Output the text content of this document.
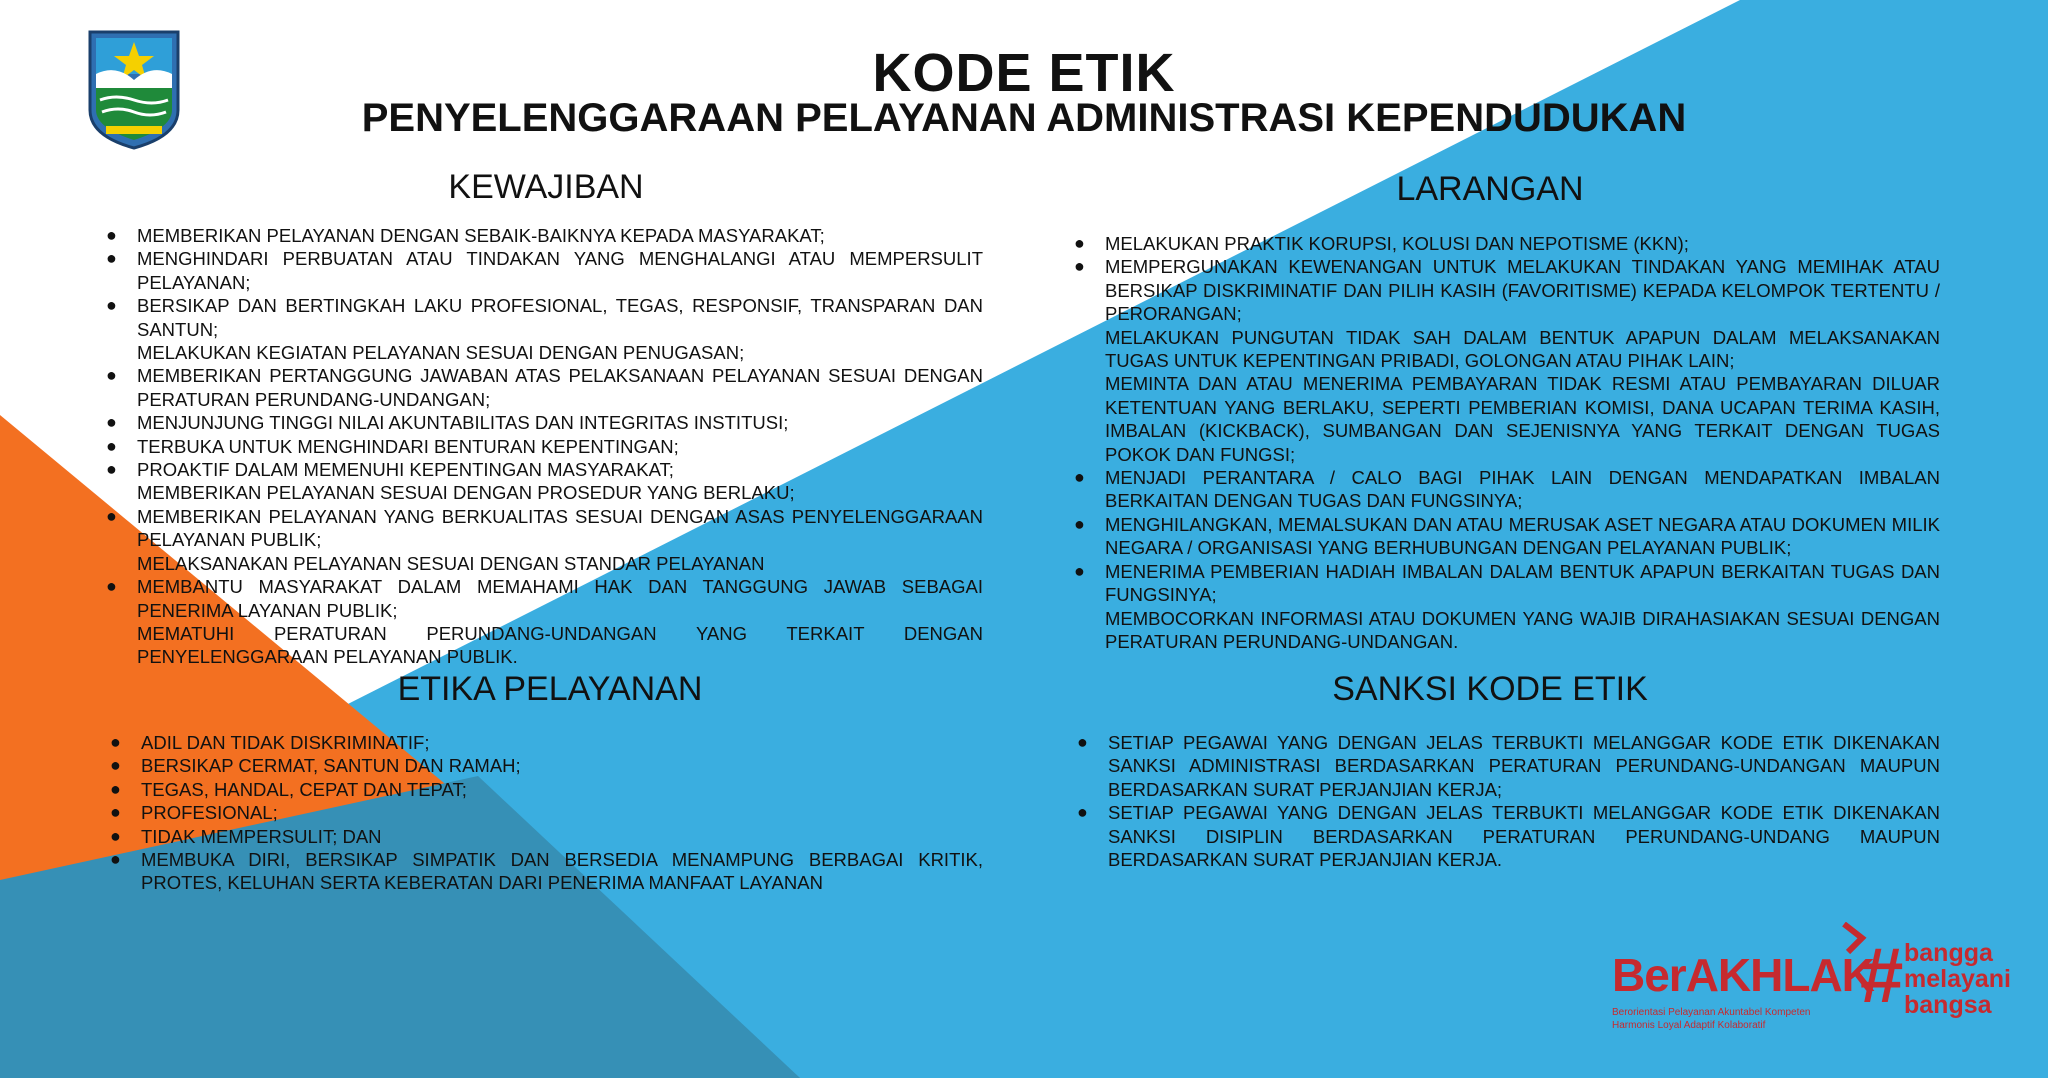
KODE ETIK
PENYELENGGARAAN PELAYANAN ADMINISTRASI KEPENDUDUKAN
KEWAJIBAN
● MEMBERIKAN PELAYANAN DENGAN SEBAIK-BAIKNYA KEPADA MASYARAKAT;
● MENGHINDARI PERBUATAN ATAU TINDAKAN YANG MENGHALANGI ATAU MEMPERSULIT PELAYANAN;
● BERSIKAP DAN BERTINGKAH LAKU PROFESIONAL, TEGAS, RESPONSIF, TRANSPARAN DAN SANTUN;
MELAKUKAN KEGIATAN PELAYANAN SESUAI DENGAN PENUGASAN;
● MEMBERIKAN PERTANGGUNG JAWABAN ATAS PELAKSANAAN PELAYANAN SESUAI DENGAN PERATURAN PERUNDANG-UNDANGAN;
● MENJUNJUNG TINGGI NILAI AKUNTABILITAS DAN INTEGRITAS INSTITUSI;
● TERBUKA UNTUK MENGHINDARI BENTURAN KEPENTINGAN;
● PROAKTIF DALAM MEMENUHI KEPENTINGAN MASYARAKAT;
MEMBERIKAN PELAYANAN SESUAI DENGAN PROSEDUR YANG BERLAKU;
● MEMBERIKAN PELAYANAN YANG BERKUALITAS SESUAI DENGAN ASAS PENYELENGGARAAN PELAYANAN PUBLIK;
MELAKSANAKAN PELAYANAN SESUAI DENGAN STANDAR PELAYANAN
● MEMBANTU MASYARAKAT DALAM MEMAHAMI HAK DAN TANGGUNG JAWAB SEBAGAI PENERIMA LAYANAN PUBLIK;
MEMATUHI PERATURAN PERUNDANG-UNDANGAN YANG TERKAIT DENGAN PENYELENGGARAAN PELAYANAN PUBLIK.
LARANGAN
● MELAKUKAN PRAKTIK KORUPSI, KOLUSI DAN NEPOTISME (KKN);
● MEMPERGUNAKAN KEWENANGAN UNTUK MELAKUKAN TINDAKAN YANG MEMIHAK ATAU BERSIKAP DISKRIMINATIF DAN PILIH KASIH (FAVORITISME) KEPADA KELOMPOK TERTENTU / PERORANGAN;
MELAKUKAN PUNGUTAN TIDAK SAH DALAM BENTUK APAPUN DALAM MELAKSANAKAN TUGAS UNTUK KEPENTINGAN PRIBADI, GOLONGAN ATAU PIHAK LAIN;
MEMINTA DAN ATAU MENERIMA PEMBAYARAN TIDAK RESMI ATAU PEMBAYARAN DILUAR KETENTUAN YANG BERLAKU, SEPERTI PEMBERIAN KOMISI, DANA UCAPAN TERIMA KASIH, IMBALAN (KICKBACK), SUMBANGAN DAN SEJENISNYA YANG TERKAIT DENGAN TUGAS POKOK DAN FUNGSI;
● MENJADI PERANTARA / CALO BAGI PIHAK LAIN DENGAN MENDAPATKAN IMBALAN BERKAITAN DENGAN TUGAS DAN FUNGSINYA;
● MENGHILANGKAN, MEMALSUKAN DAN ATAU MERUSAK ASET NEGARA ATAU DOKUMEN MILIK NEGARA / ORGANISASI YANG BERHUBUNGAN DENGAN PELAYANAN PUBLIK;
● MENERIMA PEMBERIAN HADIAH IMBALAN DALAM BENTUK APAPUN BERKAITAN TUGAS DAN FUNGSINYA;
MEMBOCORKAN INFORMASI ATAU DOKUMEN YANG WAJIB DIRAHASIAKAN SESUAI DENGAN PERATURAN PERUNDANG-UNDANGAN.
ETIKA PELAYANAN
● ADIL DAN TIDAK DISKRIMINATIF;
● BERSIKAP CERMAT, SANTUN DAN RAMAH;
● TEGAS, HANDAL, CEPAT DAN TEPAT;
● PROFESIONAL;
● TIDAK MEMPERSULIT; DAN
● MEMBUKA DIRI, BERSIKAP SIMPATIK DAN BERSEDIA MENAMPUNG BERBAGAI KRITIK, PROTES, KELUHAN SERTA KEBERATAN DARI PENERIMA MANFAAT LAYANAN
SANKSI KODE ETIK
● SETIAP PEGAWAI YANG DENGAN JELAS TERBUKTI MELANGGAR KODE ETIK DIKENAKAN SANKSI ADMINISTRASI BERDASARKAN PERATURAN PERUNDANG-UNDANGAN MAUPUN BERDASARKAN SURAT PERJANJIAN KERJA;
● SETIAP PEGAWAI YANG DENGAN JELAS TERBUKTI MELANGGAR KODE ETIK DIKENAKAN SANKSI DISIPLIN BERDASARKAN PERATURAN PERUNDANG-UNDANG MAUPUN BERDASARKAN SURAT PERJANJIAN KERJA.
BerAKHLAK
# bangga
melayani
bangsa
Berorientasi Pelayanan Akuntabel Kompeten
Harmonis Loyal Adaptif Kolaboratif
